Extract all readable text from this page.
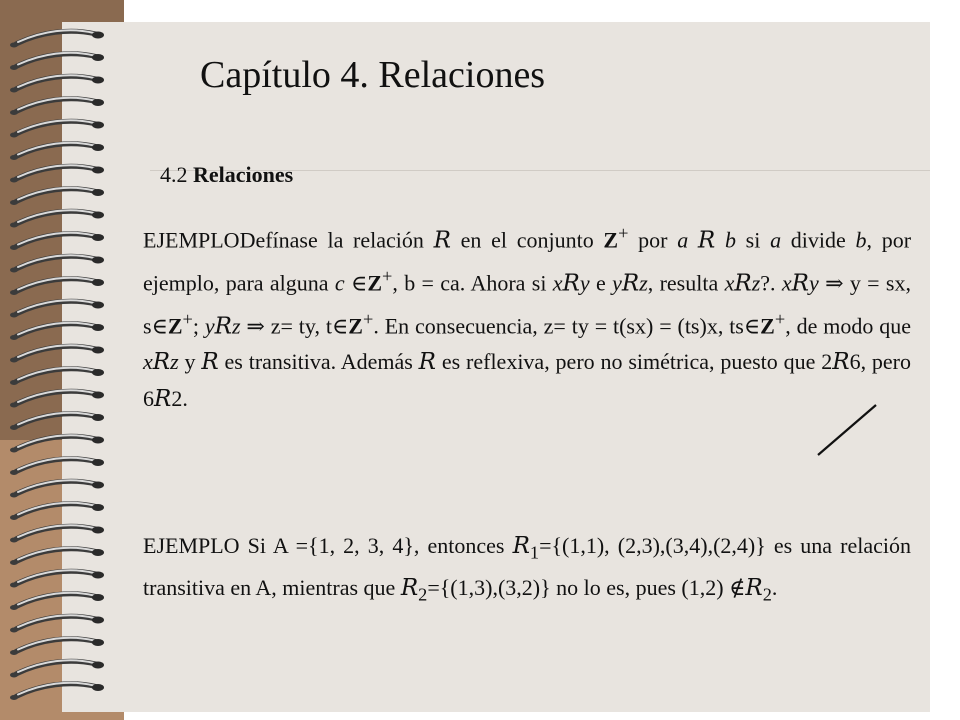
Capítulo 4. Relaciones
4.2 Relaciones

EJEMPLODefínase la relación R en el conjunto Z+ por a R b si a divide b, por ejemplo, para alguna c ∈Z+, b = ca. Ahora si xRy e yRz, resulta xRz?. xRy ⇒ y = sx, s∈Z+; yRz ⇒ z= ty, t∈Z+. En consecuencia, z= ty = t(sx) = (ts)x, ts∈Z+, de modo que xRz y R es transitiva. Además R es reflexiva, pero no simétrica, puesto que 2R6, pero 6R2.

EJEMPLO Si A ={1, 2, 3, 4}, entonces $R_1=\{(1,1)$, (2,3),(3,4),(2,4)} es una relación transitiva en A, mientras que $R_2=\{(1,3),(3,2)\}$ no lo es, pues (1,2) $\notin R_2$.
